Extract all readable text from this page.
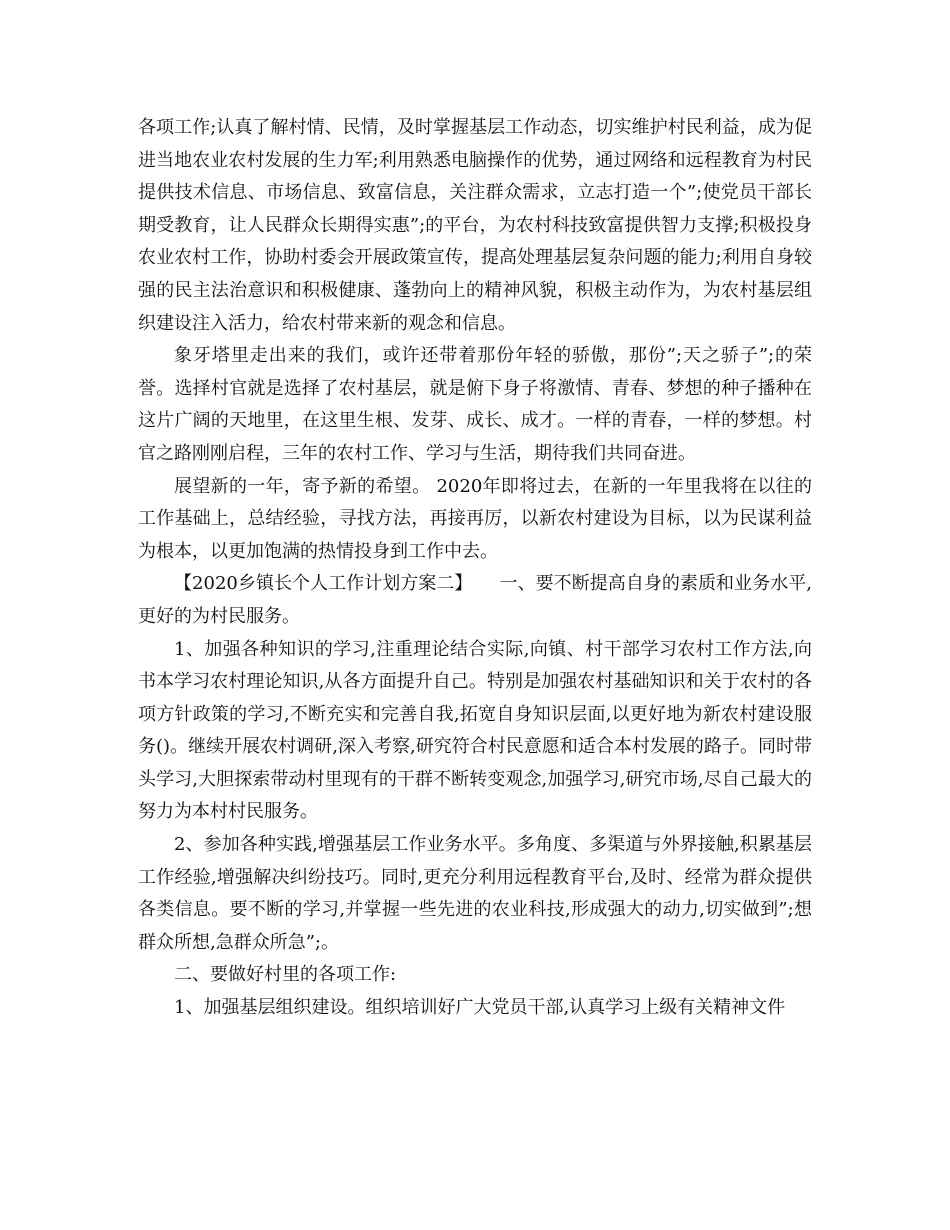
各项工作;认真了解村情、民情，及时掌握基层工作动态，切实维护村民利益，成为促进当地农业农村发展的生力军;利用熟悉电脑操作的优势，通过网络和远程教育为村民提供技术信息、市场信息、致富信息，关注群众需求，立志打造一个”;使党员干部长期受教育，让人民群众长期得实惠”;的平台，为农村科技致富提供智力支撑;积极投身农业农村工作，协助村委会开展政策宣传，提高处理基层复杂问题的能力;利用自身较强的民主法治意识和积极健康、蓬勃向上的精神风貌，积极主动作为，为农村基层组织建设注入活力，给农村带来新的观念和信息。

象牙塔里走出来的我们，或许还带着那份年轻的骄傲，那份”;天之骄子”;的荣誉。选择村官就是选择了农村基层，就是俯下身子将激情、青春、梦想的种子播种在这片广阔的天地里，在这里生根、发芽、成长、成才。一样的青春，一样的梦想。村官之路刚刚启程，三年的农村工作、学习与生活，期待我们共同奋进。

展望新的一年，寄予新的希望。 2020年即将过去，在新的一年里我将在以往的工作基础上，总结经验，寻找方法，再接再厉，以新农村建设为目标，以为民谋利益为根本，以更加饱满的热情投身到工作中去。

【2020乡镇长个人工作计划方案二】　　一、要不断提高自身的素质和业务水平,更好的为村民服务。

1、加强各种知识的学习,注重理论结合实际,向镇、村干部学习农村工作方法,向书本学习农村理论知识,从各方面提升自己。特别是加强农村基础知识和关于农村的各项方针政策的学习,不断充实和完善自我,拓宽自身知识层面,以更好地为新农村建设服务()。继续开展农村调研,深入考察,研究符合村民意愿和适合本村发展的路子。同时带头学习,大胆探索带动村里现有的干群不断转变观念,加强学习,研究市场,尽自己最大的努力为本村村民服务。

2、参加各种实践,增强基层工作业务水平。多角度、多渠道与外界接触,积累基层工作经验,增强解决纠纷技巧。同时,更充分利用远程教育平台,及时、经常为群众提供各类信息。要不断的学习,并掌握一些先进的农业科技,形成强大的动力,切实做到”;想群众所想,急群众所急”;。

二、要做好村里的各项工作:

1、加强基层组织建设。组织培训好广大党员干部,认真学习上级有关精神文件
